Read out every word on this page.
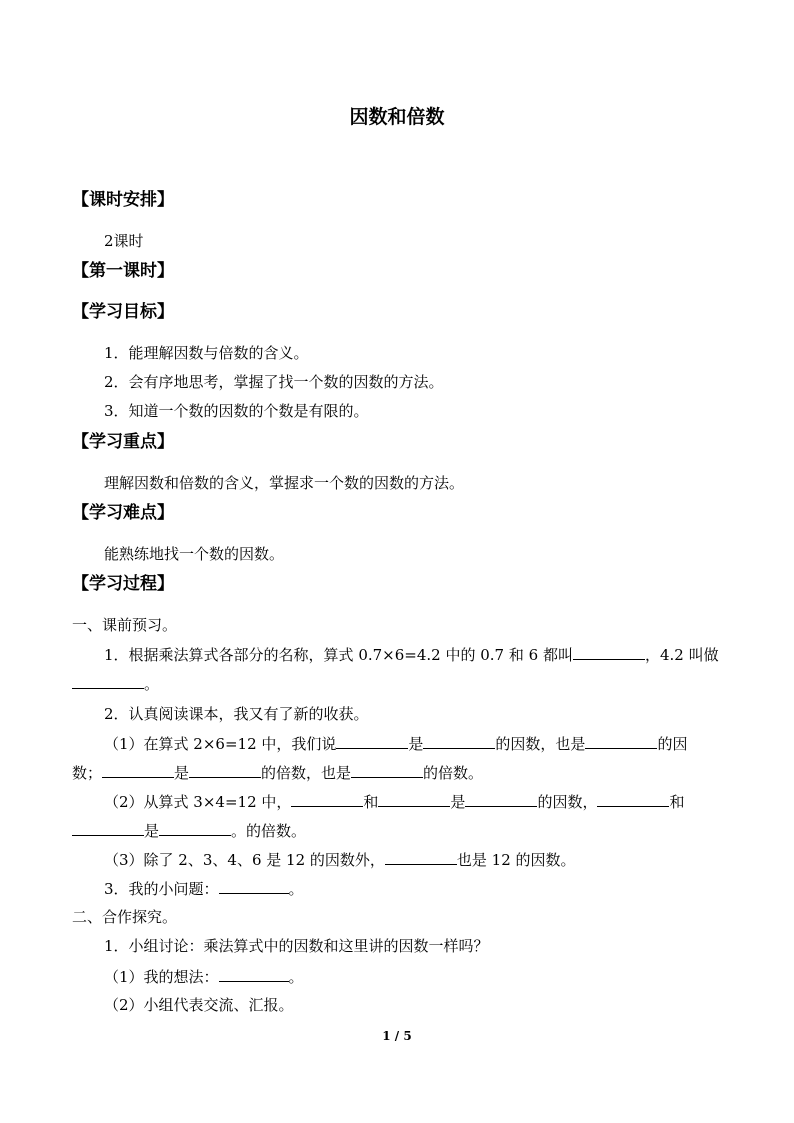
因数和倍数
【课时安排】
2课时
【第一课时】
【学习目标】
1．能理解因数与倍数的含义。
2．会有序地思考，掌握了找一个数的因数的方法。
3．知道一个数的因数的个数是有限的。
【学习重点】
理解因数和倍数的含义，掌握求一个数的因数的方法。
【学习难点】
能熟练地找一个数的因数。
【学习过程】
一、课前预习。
1．根据乘法算式各部分的名称，算式 0.7×6=4.2 中的 0.7 和 6 都叫	，4.2 叫做
。
2．认真阅读课本，我又有了新的收获。
（1）在算式 2×6=12 中，我们说	是	的因数，也是	的因
数；	是	的倍数，也是	的倍数。
（2）从算式 3×4=12 中，	和	是	的因数，	和
是	。的倍数。
（3）除了 2、3、4、6 是 12 的因数外，	也是 12 的因数。
3．我的小问题：	。
二、合作探究。
1．小组讨论：乘法算式中的因数和这里讲的因数一样吗？
（1）我的想法：	。
（2）小组代表交流、汇报。
1 / 5
